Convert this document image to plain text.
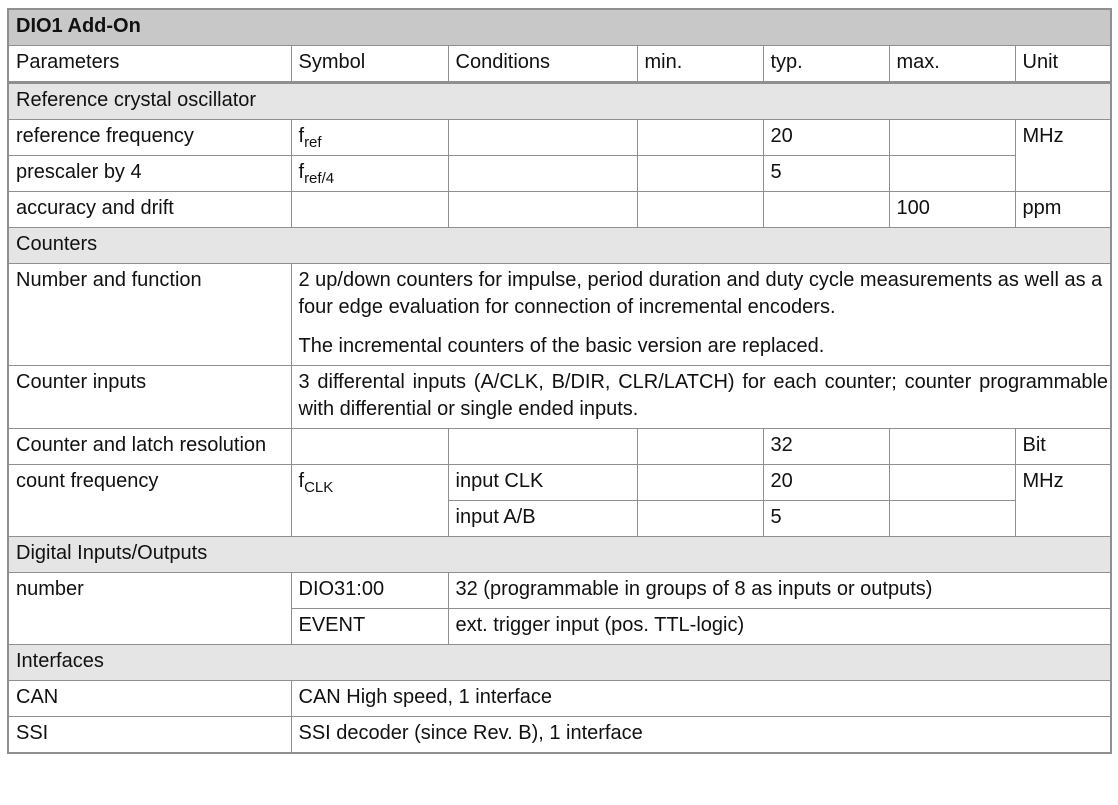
DIO1 Add-On						
Parameters	Symbol	Conditions	min.	typ.	max.	Unit
Reference crystal oscillator						
reference frequency	$f_{ref}$			20		MHz
prescaler by 4	$f_{ref/4}$			5		
accuracy and drift					100	ppm
Counters						
Number and function	2 up/down counters for impulse, period duration and duty cycle measurements as well as a four edge evaluation for connection of incremental encoders.

The incremental counters of the basic version are replaced.					

Counter inputs	3 differental inputs (A/CLK, B/DIR, CLR/LATCH) for each counter; counter programmable with differential or single ended inputs.					
Counter and latch resolution				32		Bit
count frequency	$f_{CLK}$	input CLK		20		MHz
		input A/B		5		
Digital Inputs/Outputs						
number	DIO31:00	32 (programmable in groups of 8 as inputs or outputs)				
	EVENT	ext. trigger input (pos. TTL-logic)				
Interfaces						
CAN	CAN High speed, 1 interface					
SSI	SSI decoder (since Rev. B), 1 interface					
